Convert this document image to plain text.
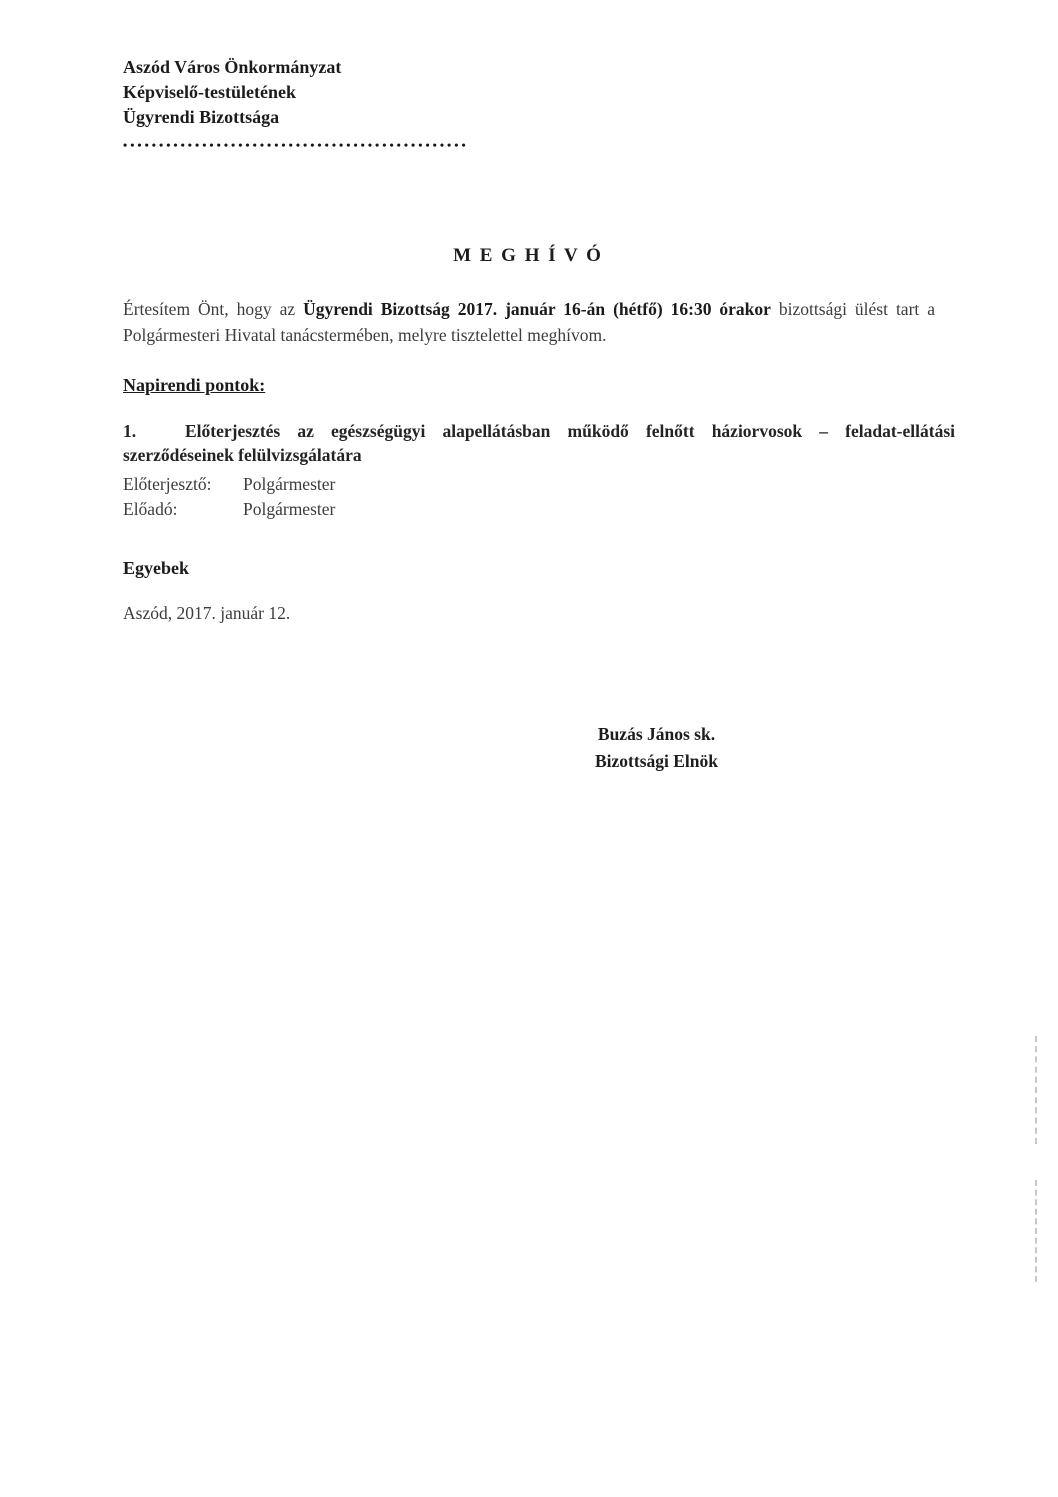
Aszód Város Önkormányzat
Képviselő-testületének
Ügyrendi Bizottsága
••••••••••••••••••••••••••••••••••••••••••••••••
M E G H Í V Ó

Értesítem Önt, hogy az Ügyrendi Bizottság 2017. január 16-án (hétfő) 16:30 órakor bizottsági ülést tart a Polgármesteri Hivatal tanácstermében, melyre tisztelettel meghívom.

Napirendi pontok:

1.	Előterjesztés az egészségügyi alapellátásban működő felnőtt háziorvosok – feladat-ellátási szerződéseinek felülvizsgálatára

Előterjesztő: Polgármester
Előadó:	Polgármester
Egyebek
Aszód, 2017. január 12.
Buzás János sk.
Bizottsági Elnök
